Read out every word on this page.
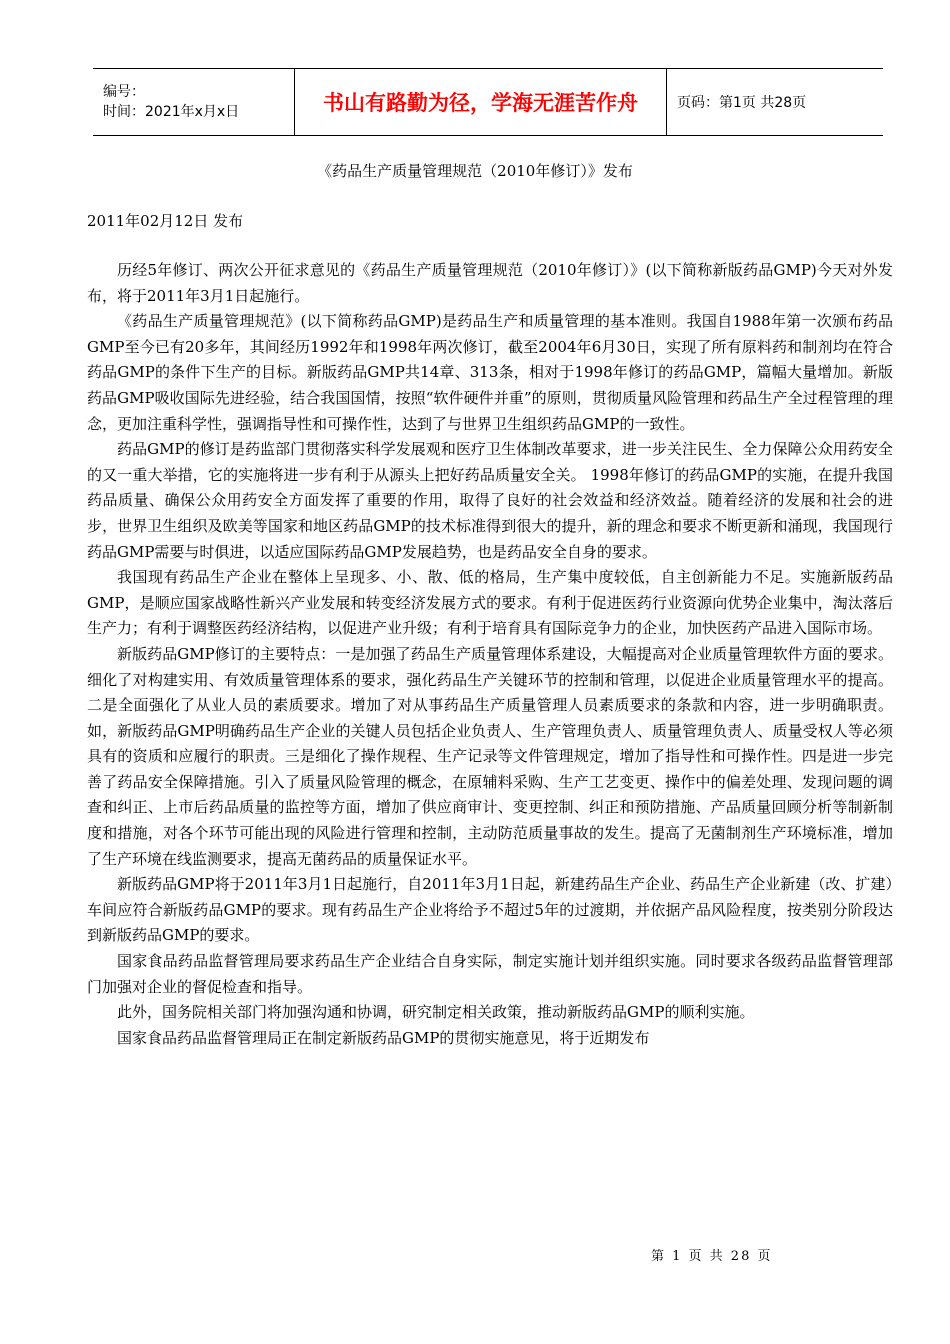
编号：
时间：2021年x月x日	书山有路勤为径，学海无涯苦作舟	页码：第1页 共28页
《药品生产质量管理规范（2010年修订）》发布
2011年02月12日 发布

历经5年修订、两次公开征求意见的《药品生产质量管理规范（2010年修订）》(以下简称新版药品GMP)今天对外发布，将于2011年3月1日起施行。

《药品生产质量管理规范》(以下简称药品GMP)是药品生产和质量管理的基本准则。我国自1988年第一次颁布药品GMP至今已有20多年，其间经历1992年和1998年两次修订，截至2004年6月30日，实现了所有原料药和制剂均在符合药品GMP的条件下生产的目标。新版药品GMP共14章、313条，相对于1998年修订的药品GMP，篇幅大量增加。新版药品GMP吸收国际先进经验，结合我国国情，按照“软件硬件并重”的原则，贯彻质量风险管理和药品生产全过程管理的理念，更加注重科学性，强调指导性和可操作性，达到了与世界卫生组织药品GMP的一致性。

药品GMP的修订是药监部门贯彻落实科学发展观和医疗卫生体制改革要求，进一步关注民生、全力保障公众用药安全的又一重大举措，它的实施将进一步有利于从源头上把好药品质量安全关。 1998年修订的药品GMP的实施，在提升我国药品质量、确保公众用药安全方面发挥了重要的作用，取得了良好的社会效益和经济效益。随着经济的发展和社会的进步，世界卫生组织及欧美等国家和地区药品GMP的技术标准得到很大的提升，新的理念和要求不断更新和涌现，我国现行药品GMP需要与时俱进，以适应国际药品GMP发展趋势，也是药品安全自身的要求。

我国现有药品生产企业在整体上呈现多、小、散、低的格局，生产集中度较低，自主创新能力不足。实施新版药品GMP，是顺应国家战略性新兴产业发展和转变经济发展方式的要求。有利于促进医药行业资源向优势企业集中，淘汰落后生产力；有利于调整医药经济结构，以促进产业升级；有利于培育具有国际竞争力的企业，加快医药产品进入国际市场。

新版药品GMP修订的主要特点：一是加强了药品生产质量管理体系建设，大幅提高对企业质量管理软件方面的要求。细化了对构建实用、有效质量管理体系的要求，强化药品生产关键环节的控制和管理，以促进企业质量管理水平的提高。二是全面强化了从业人员的素质要求。增加了对从事药品生产质量管理人员素质要求的条款和内容，进一步明确职责。如，新版药品GMP明确药品生产企业的关键人员包括企业负责人、生产管理负责人、质量管理负责人、质量受权人等必须具有的资质和应履行的职责。三是细化了操作规程、生产记录等文件管理规定，增加了指导性和可操作性。四是进一步完善了药品安全保障措施。引入了质量风险管理的概念，在原辅料采购、生产工艺变更、操作中的偏差处理、发现问题的调查和纠正、上市后药品质量的监控等方面，增加了供应商审计、变更控制、纠正和预防措施、产品质量回顾分析等制新制度和措施，对各个环节可能出现的风险进行管理和控制，主动防范质量事故的发生。提高了无菌制剂生产环境标准，增加了生产环境在线监测要求，提高无菌药品的质量保证水平。

新版药品GMP将于2011年3月1日起施行，自2011年3月1日起，新建药品生产企业、药品生产企业新建（改、扩建）车间应符合新版药品GMP的要求。现有药品生产企业将给予不超过5年的过渡期，并依据产品风险程度，按类别分阶段达到新版药品GMP的要求。

国家食品药品监督管理局要求药品生产企业结合自身实际，制定实施计划并组织实施。同时要求各级药品监督管理部门加强对企业的督促检查和指导。

此外，国务院相关部门将加强沟通和协调，研究制定相关政策，推动新版药品GMP的顺利实施。

国家食品药品监督管理局正在制定新版药品GMP的贯彻实施意见，将于近期发布

第 1 页 共 28 页
